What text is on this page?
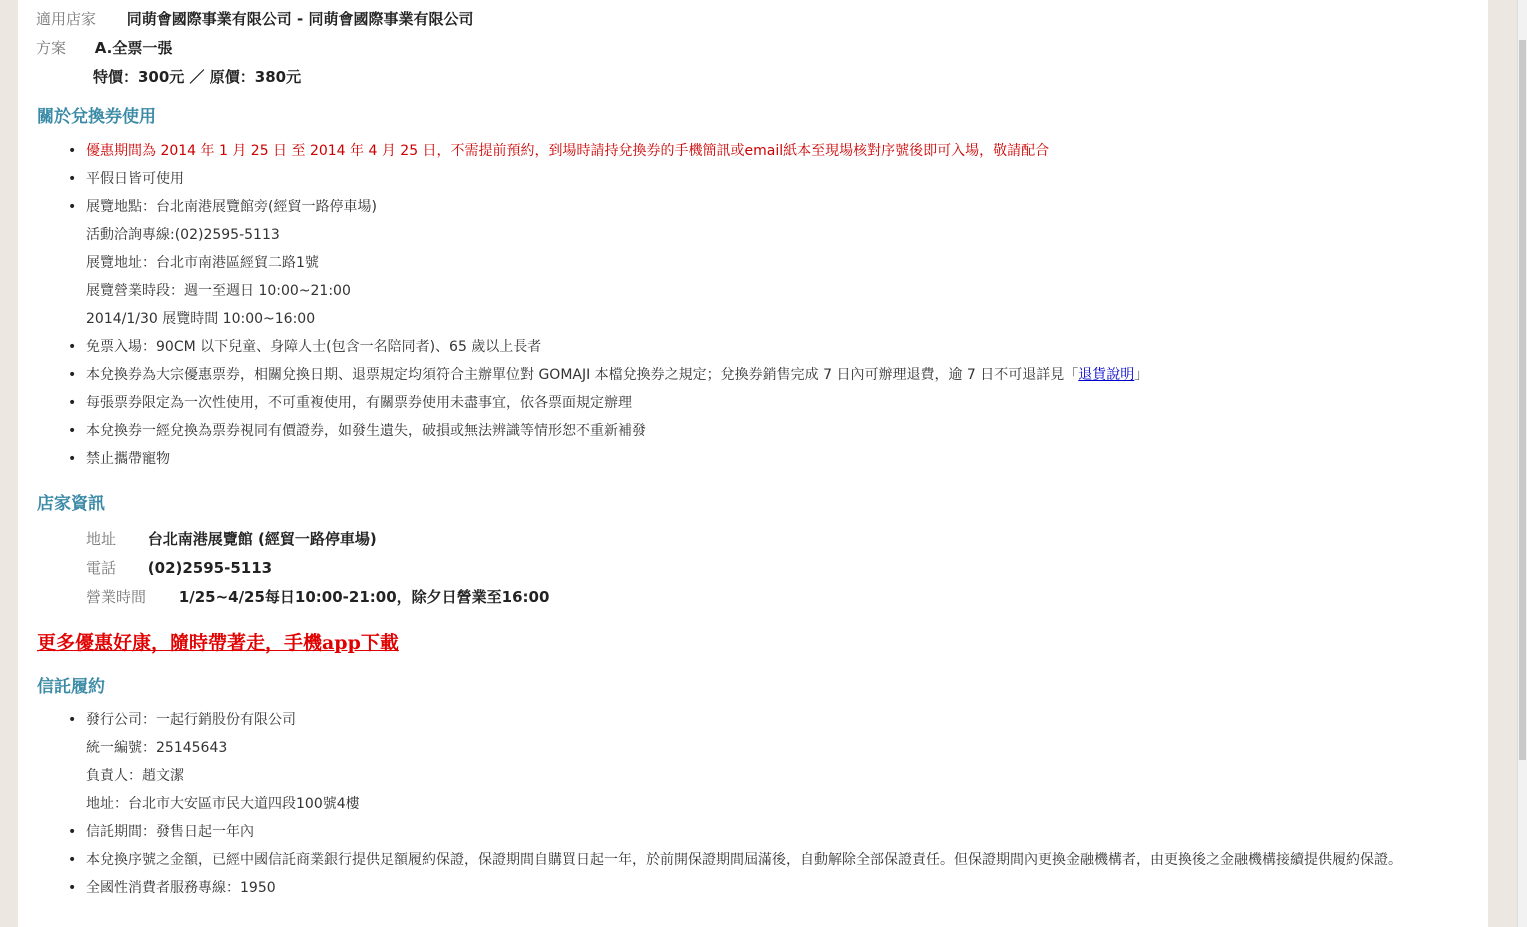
適用店家 同萌會國際事業有限公司 - 同萌會國際事業有限公司
方案 A.全票一張
特價：300元 ／ 原價：380元
關於兌換券使用
• 優惠期間為 2014 年 1 月 25 日 至 2014 年 4 月 25 日，不需提前預約，到場時請持兌換券的手機簡訊或email紙本至現場核對序號後即可入場，敬請配合
• 平假日皆可使用
• 展覽地點：台北南港展覽館旁(經貿一路停車場)
活動洽詢專線:(02)2595-5113
展覽地址：台北市南港區經貿二路1號
展覽營業時段：週一至週日 10:00~21:00
2014/1/30 展覽時間 10:00~16:00
• 免票入場：90CM 以下兒童、身障人士(包含一名陪同者)、65 歲以上長者
• 本兌換券為大宗優惠票券，相關兌換日期、退票規定均須符合主辦單位對 GOMAJI 本檔兌換券之規定；兌換券銷售完成 7 日內可辦理退費，逾 7 日不可退詳見「退貨說明」
• 每張票券限定為一次性使用，不可重複使用，有關票券使用未盡事宜，依各票面規定辦理
• 本兌換券一經兌換為票券視同有價證券，如發生遺失，破損或無法辨識等情形恕不重新補發
• 禁止攜帶寵物
店家資訊
地址 台北南港展覽館 (經貿一路停車場)
電話 (02)2595-5113
營業時間 1/25~4/25每日10:00-21:00，除夕日營業至16:00
更多優惠好康，隨時帶著走，手機app下載
信託履約
• 發行公司：一起行銷股份有限公司
統一編號：25145643
負責人：趙文潔
地址：台北市大安區市民大道四段100號4樓
• 信託期間：發售日起一年內
• 本兌換序號之金額，已經中國信託商業銀行提供足額履約保證，保證期間自購買日起一年，於前開保證期間屆滿後，自動解除全部保證責任。但保證期間內更換金融機構者，由更換後之金融機構接續提供履約保證。
• 全國性消費者服務專線：1950
